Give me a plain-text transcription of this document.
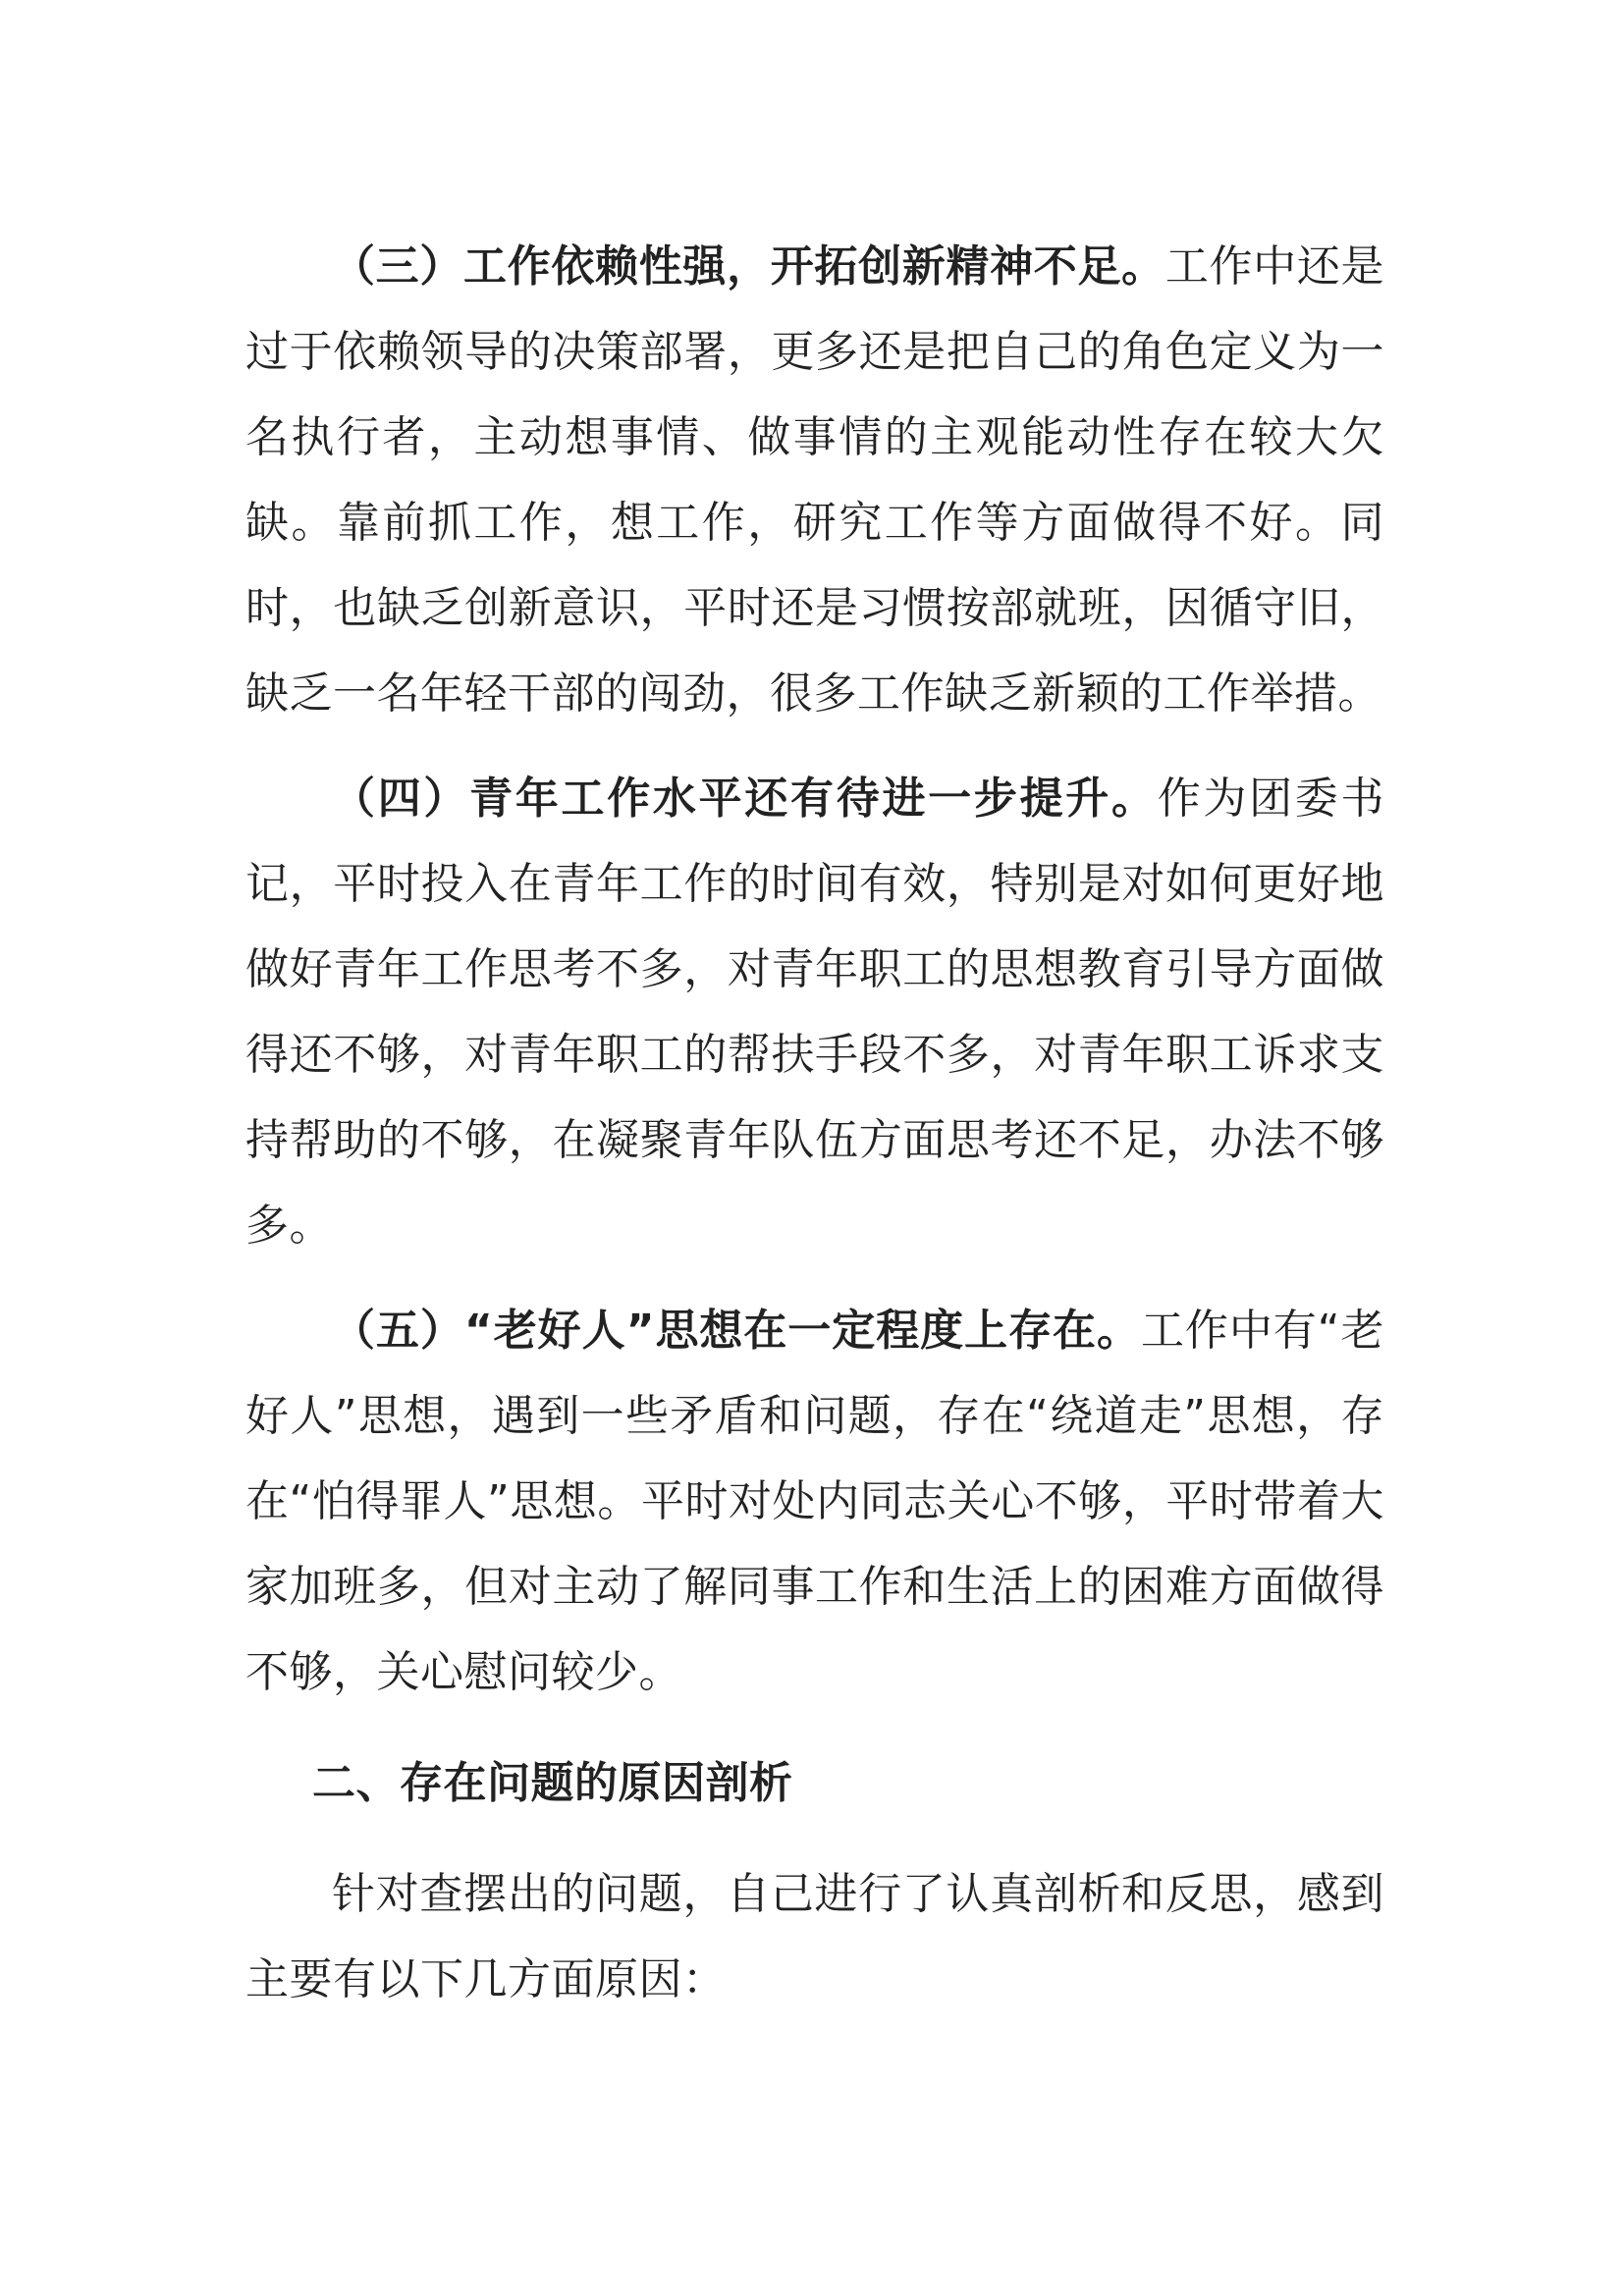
（三）工作依赖性强，开拓创新精神不足。工作中还是过于依赖领导的决策部署，更多还是把自己的角色定义为一名执行者，主动想事情、做事情的主观能动性存在较大欠缺。靠前抓工作，想工作，研究工作等方面做得不好。同时，也缺乏创新意识，平时还是习惯按部就班，因循守旧，缺乏一名年轻干部的闯劲，很多工作缺乏新颖的工作举措。

（四）青年工作水平还有待进一步提升。作为团委书记，平时投入在青年工作的时间有效，特别是对如何更好地做好青年工作思考不多，对青年职工的思想教育引导方面做得还不够，对青年职工的帮扶手段不多，对青年职工诉求支持帮助的不够，在凝聚青年队伍方面思考还不足，办法不够多。

（五）“老好人”思想在一定程度上存在。工作中有“老好人”思想，遇到一些矛盾和问题，存在“绕道走”思想，存在“怕得罪人”思想。平时对处内同志关心不够，平时带着大家加班多，但对主动了解同事工作和生活上的困难方面做得不够，关心慰问较少。

二、存在问题的原因剖析

针对查摆出的问题，自己进行了认真剖析和反思，感到主要有以下几方面原因：
